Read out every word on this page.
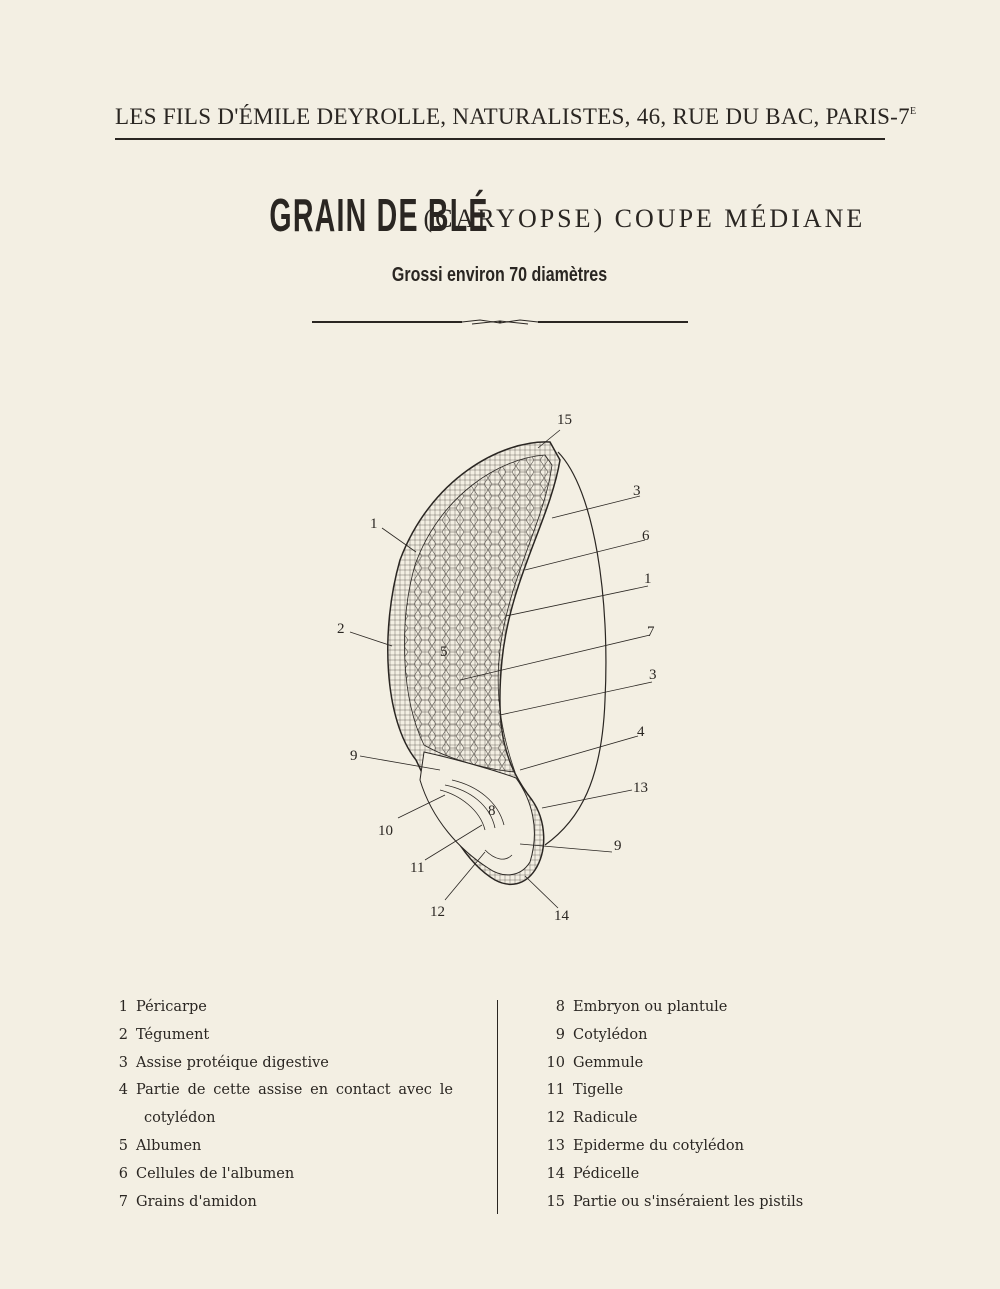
LES FILS D'ÉMILE DEYROLLE, NATURALISTES, 46, RUE DU BAC, PARIS-$7^E$
GRAIN DE BLÉ (CARYOPSE) COUPE MÉDIANE
Grossi environ 70 diamètres
15
3
6
1
7
3
4
13
9
14
12
11
10
9
2
1
5
8
1 Péricarpe
2 Tégument
3 Assise protéique digestive
4 Partie de cette assise en contact avec le
cotylédon
5 Albumen
6 Cellules de l'albumen
7 Grains d'amidon
8 Embryon ou plantule
9 Cotylédon
10 Gemmule
11 Tigelle
12 Radicule
13 Epiderme du cotylédon
14 Pédicelle
15 Partie ou s'inséraient les pistils
